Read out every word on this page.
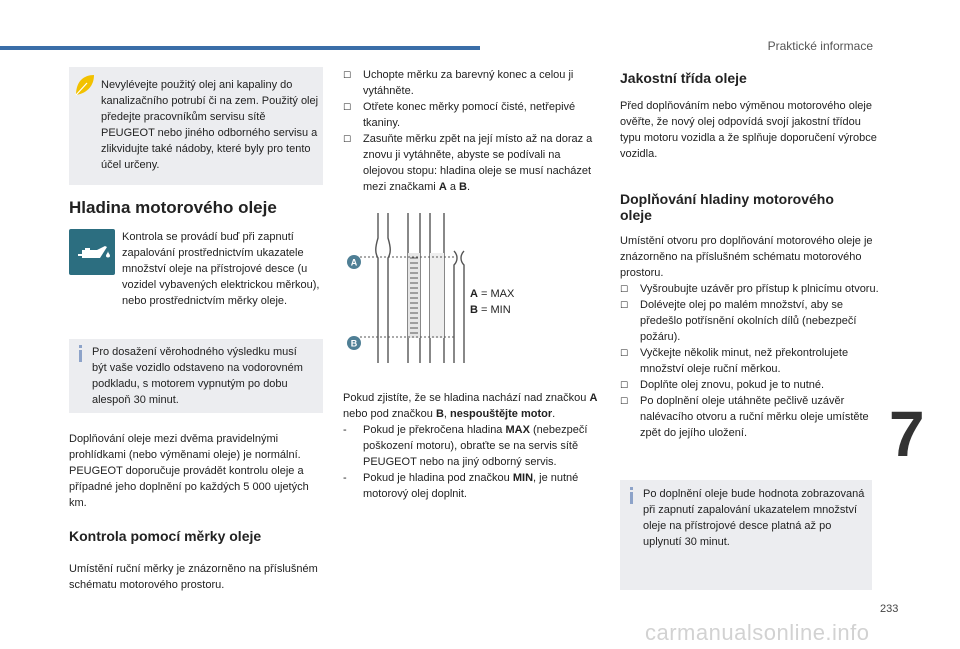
Praktické informace
Nevylévejte použitý olej ani kapaliny do kanalizačního potrubí či na zem. Použitý olej předejte pracovníkům servisu sítě PEUGEOT nebo jiného odborného servisu a zlikvidujte také nádoby, které byly pro tento účel určeny.
Hladina motorového oleje
Kontrola se provádí buď při zapnutí zapalování prostřednictvím ukazatele množství oleje na přístrojové desce (u vozidel vybavených elektrickou měrkou), nebo prostřednictvím měrky oleje.
Pro dosažení věrohodného výsledku musí být vaše vozidlo odstaveno na vodorovném podkladu, s motorem vypnutým po dobu alespoň 30 minut.
Doplňování oleje mezi dvěma pravidelnými prohlídkami (nebo výměnami oleje) je normální. PEUGEOT doporučuje provádět kontrolu oleje a případné jeho doplnění po každých 5 000 ujetých km.
Kontrola pomocí měrky oleje
Umístění ruční měrky je znázorněno na příslušném schématu motorového prostoru.
☐ Uchopte měrku za barevný konec a celou ji vytáhněte.
☐ Otřete konec měrky pomocí čisté, netřepivé tkaniny.
☐ Zasuňte měrku zpět na její místo až na doraz a znovu ji vytáhněte, abyste se podívali na olejovou stopu: hladina oleje se musí nacházet mezi značkami A a B.
A
B

A = MAX

B = MIN

Pokud zjistíte, že se hladina nachází nad značkou A nebo pod značkou B, nespouštějte motor.

- Pokud je překročena hladina MAX (nebezpečí poškození motoru), obraťte se na servis sítě PEUGEOT nebo na jiný odborný servis.
- Pokud je hladina pod značkou MIN, je nutné motorový olej doplnit.
Jakostní třída oleje
Před doplňováním nebo výměnou motorového oleje ověřte, že nový olej odpovídá svojí jakostní třídou typu motoru vozidla a že splňuje doporučení výrobce vozidla.
Doplňování hladiny motorového
oleje

Umístění otvoru pro doplňování motorového oleje je znázorněno na příslušném schématu motorového prostoru.

☐ Vyšroubujte uzávěr pro přístup k plnicímu otvoru.
☐ Dolévejte olej po malém množství, aby se předešlo potřísnění okolních dílů (nebezpečí požáru).
☐ Vyčkejte několik minut, než překontrolujete množství oleje ruční měrkou.
☐ Doplňte olej znovu, pokud je to nutné.
☐ Po doplnění oleje utáhněte pečlivě uzávěr nalévacího otvoru a ruční měrku oleje umístěte zpět do jejího uložení.
Po doplnění oleje bude hodnota zobrazovaná při zapnutí zapalování ukazatelem množství oleje na přístrojové desce platná až po uplynutí 30 minut.
7
233
carmanualsonline.info
